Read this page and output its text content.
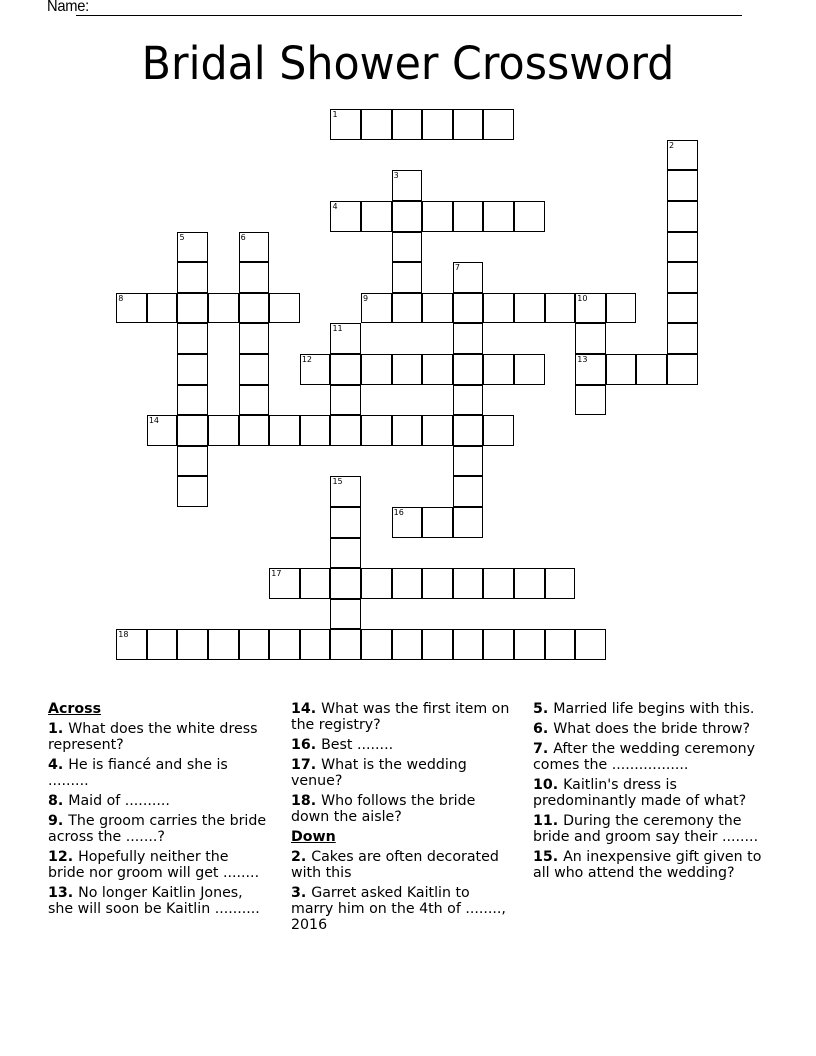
Name:
Bridal Shower Crossword
1
2
3
4
5	6
7
8	9	10
13
11
12
14
15
16
17
18
Across
1. What does the white dress represent?
4. He is fiancé and she is .........
8. Maid of ..........
9. The groom carries the bride across the .......?
12. Hopefully neither the bride nor groom will get ........
13. No longer Kaitlin Jones, she will soon be Kaitlin ..........
14. What was the first item on the registry?
16. Best ........
17. What is the wedding venue?
18. Who follows the bride down the aisle?
Down
2. Cakes are often decorated with this
3. Garret asked Kaitlin to marry him on the 4th of ........, 2016
5. Married life begins with this.
6. What does the bride throw?
7. After the wedding ceremony comes the .................
10. Kaitlin's dress is predominantly made of what?
11. During the ceremony the bride and groom say their ........
15. An inexpensive gift given to all who attend the wedding?
